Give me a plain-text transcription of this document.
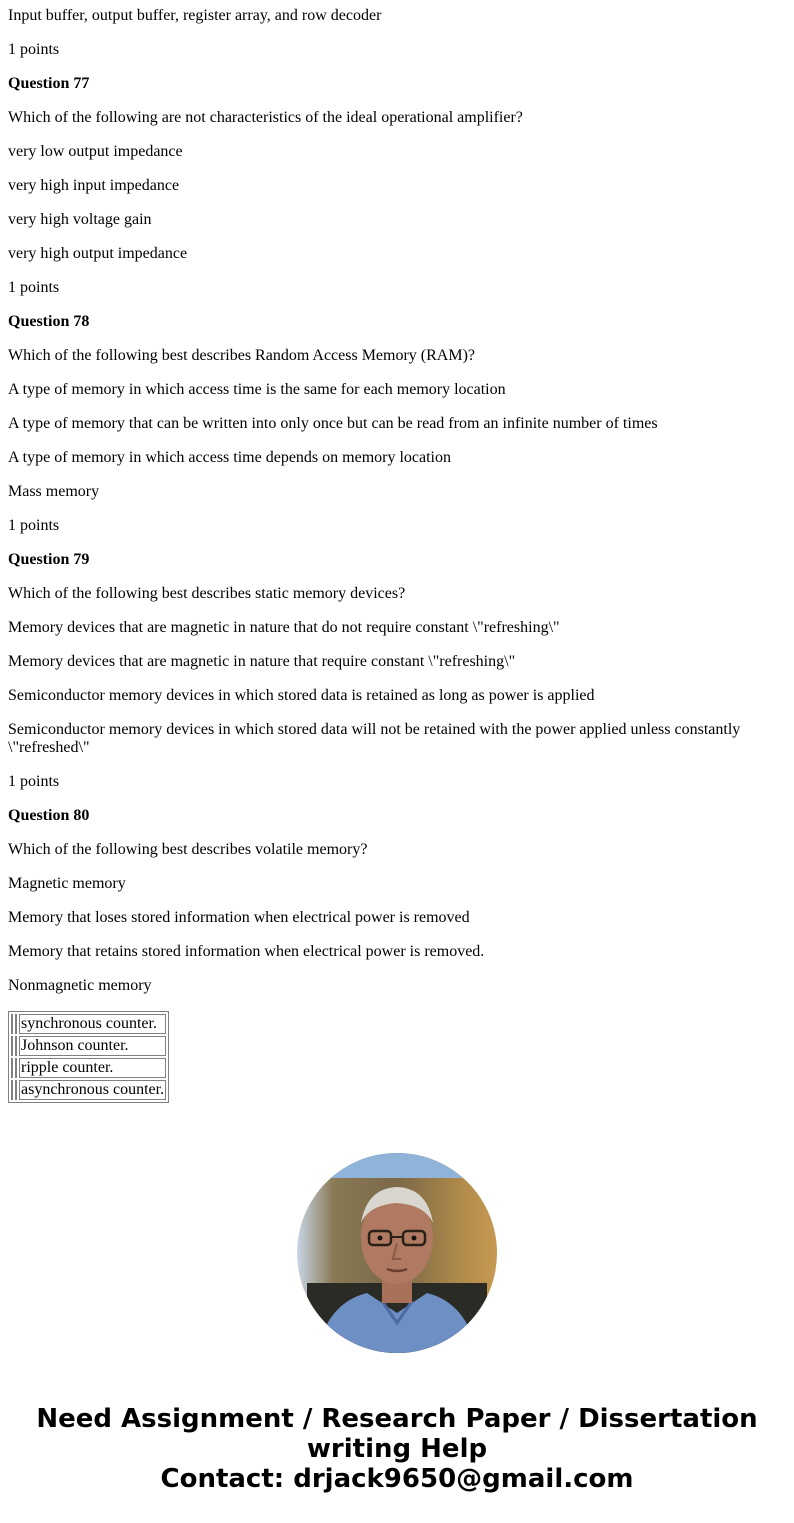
Input buffer, output buffer, register array, and row decoder

1 points

Question 77

Which of the following are not characteristics of the ideal operational amplifier?

very low output impedance

very high input impedance

very high voltage gain

very high output impedance

1 points

Question 78

Which of the following best describes Random Access Memory (RAM)?

A type of memory in which access time is the same for each memory location

A type of memory that can be written into only once but can be read from an infinite number of times

A type of memory in which access time depends on memory location

Mass memory

1 points

Question 79

Which of the following best describes static memory devices?

Memory devices that are magnetic in nature that do not require constant \"refreshing\"

Memory devices that are magnetic in nature that require constant \"refreshing\"

Semiconductor memory devices in which stored data is retained as long as power is applied

Semiconductor memory devices in which stored data will not be retained with the power applied unless constantly \"refreshed\"

1 points

Question 80

Which of the following best describes volatile memory?

Magnetic memory

Memory that loses stored information when electrical power is removed

Memory that retains stored information when electrical power is removed.

Nonmagnetic memory

		synchronous counter.
		Johnson counter.
		ripple counter.
		asynchronous counter.
Need Assignment / Research Paper / Dissertation
writing Help
Contact: drjack9650@gmail.com
